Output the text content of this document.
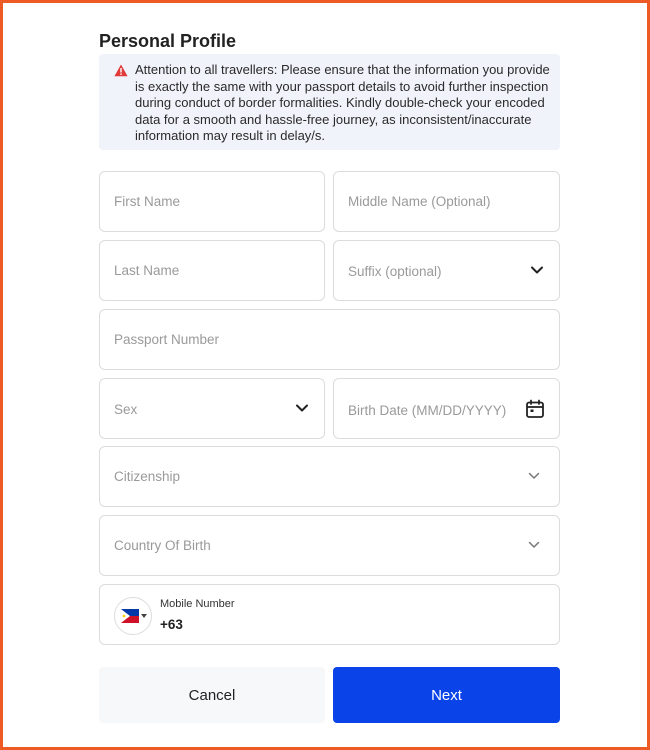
Personal Profile
Attention to all travellers: Please ensure that the information you provide is exactly the same with your passport details to avoid further inspection during conduct of border formalities. Kindly double-check your encoded data for a smooth and hassle-free journey, as inconsistent/inaccurate information may result in delay/s.
First Name	Middle Name (Optional)
Last Name	Suffix (optional)
Passport Number
Sex	Birth Date (MM/DD/YYYY)
Citizenship
Country Of Birth
Mobile Number
+63
Cancel	Next
